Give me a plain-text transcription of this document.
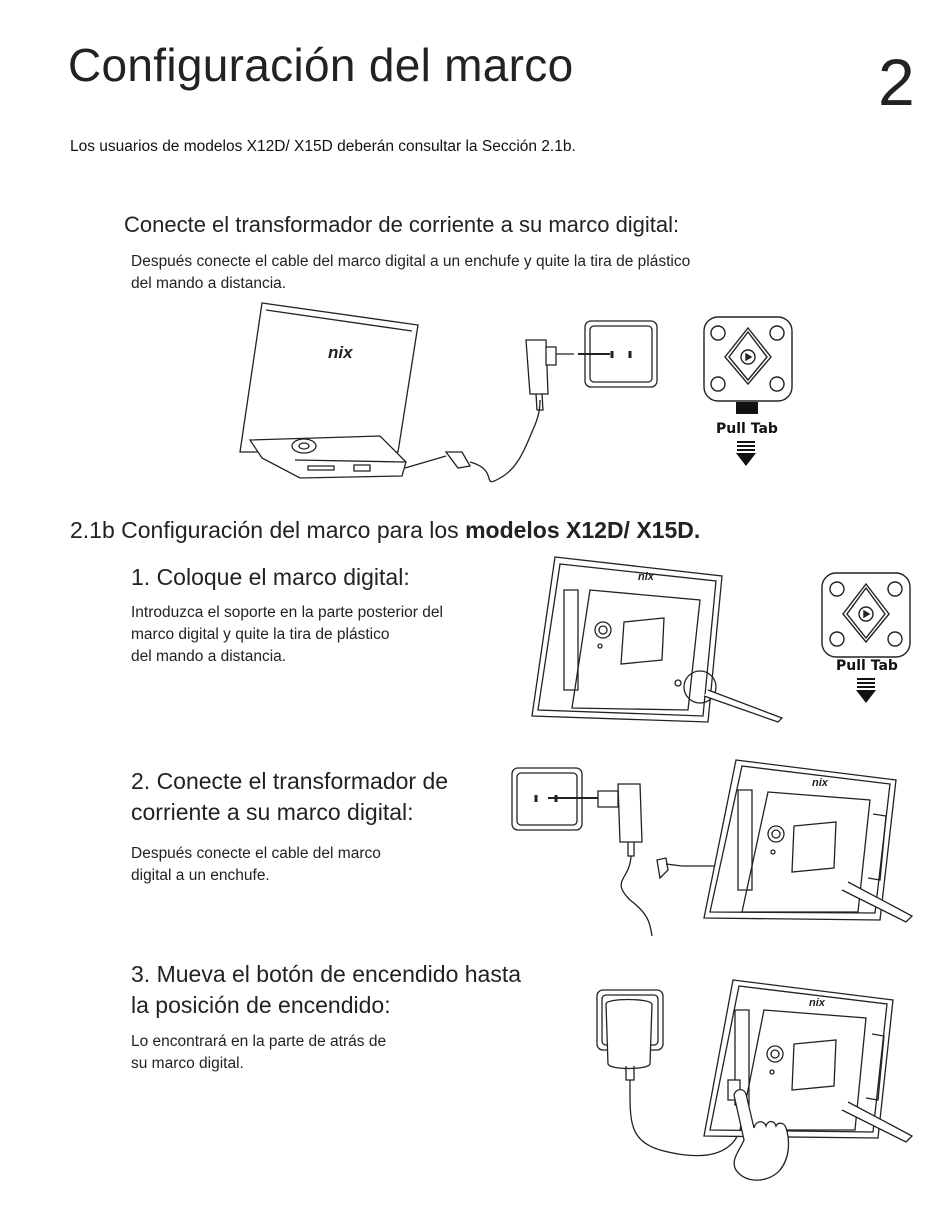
Configuración del marco	2
Los usuarios de modelos X12D/ X15D deberán consultar la Sección 2.1b.
Conecte el transformador de corriente a su marco digital:
Después conecte el cable del marco digital a un enchufe y quite la tira de plástico
del mando a distancia.
nix
Pull Tab
2.1b Configuración del marco para los modelos X12D/ X15D.
1. Coloque el marco digital:
Introduzca el soporte en la parte posterior del
marco digital y quite la tira de plástico
del mando a distancia.
nix
Pull Tab
2. Conecte el transformador de
corriente a su marco digital:
Después conecte el cable del marco
digital a un enchufe.
nix
3. Mueva el botón de encendido hasta
la posición de encendido:
Lo encontrará en la parte de atrás de
su marco digital.
nix
